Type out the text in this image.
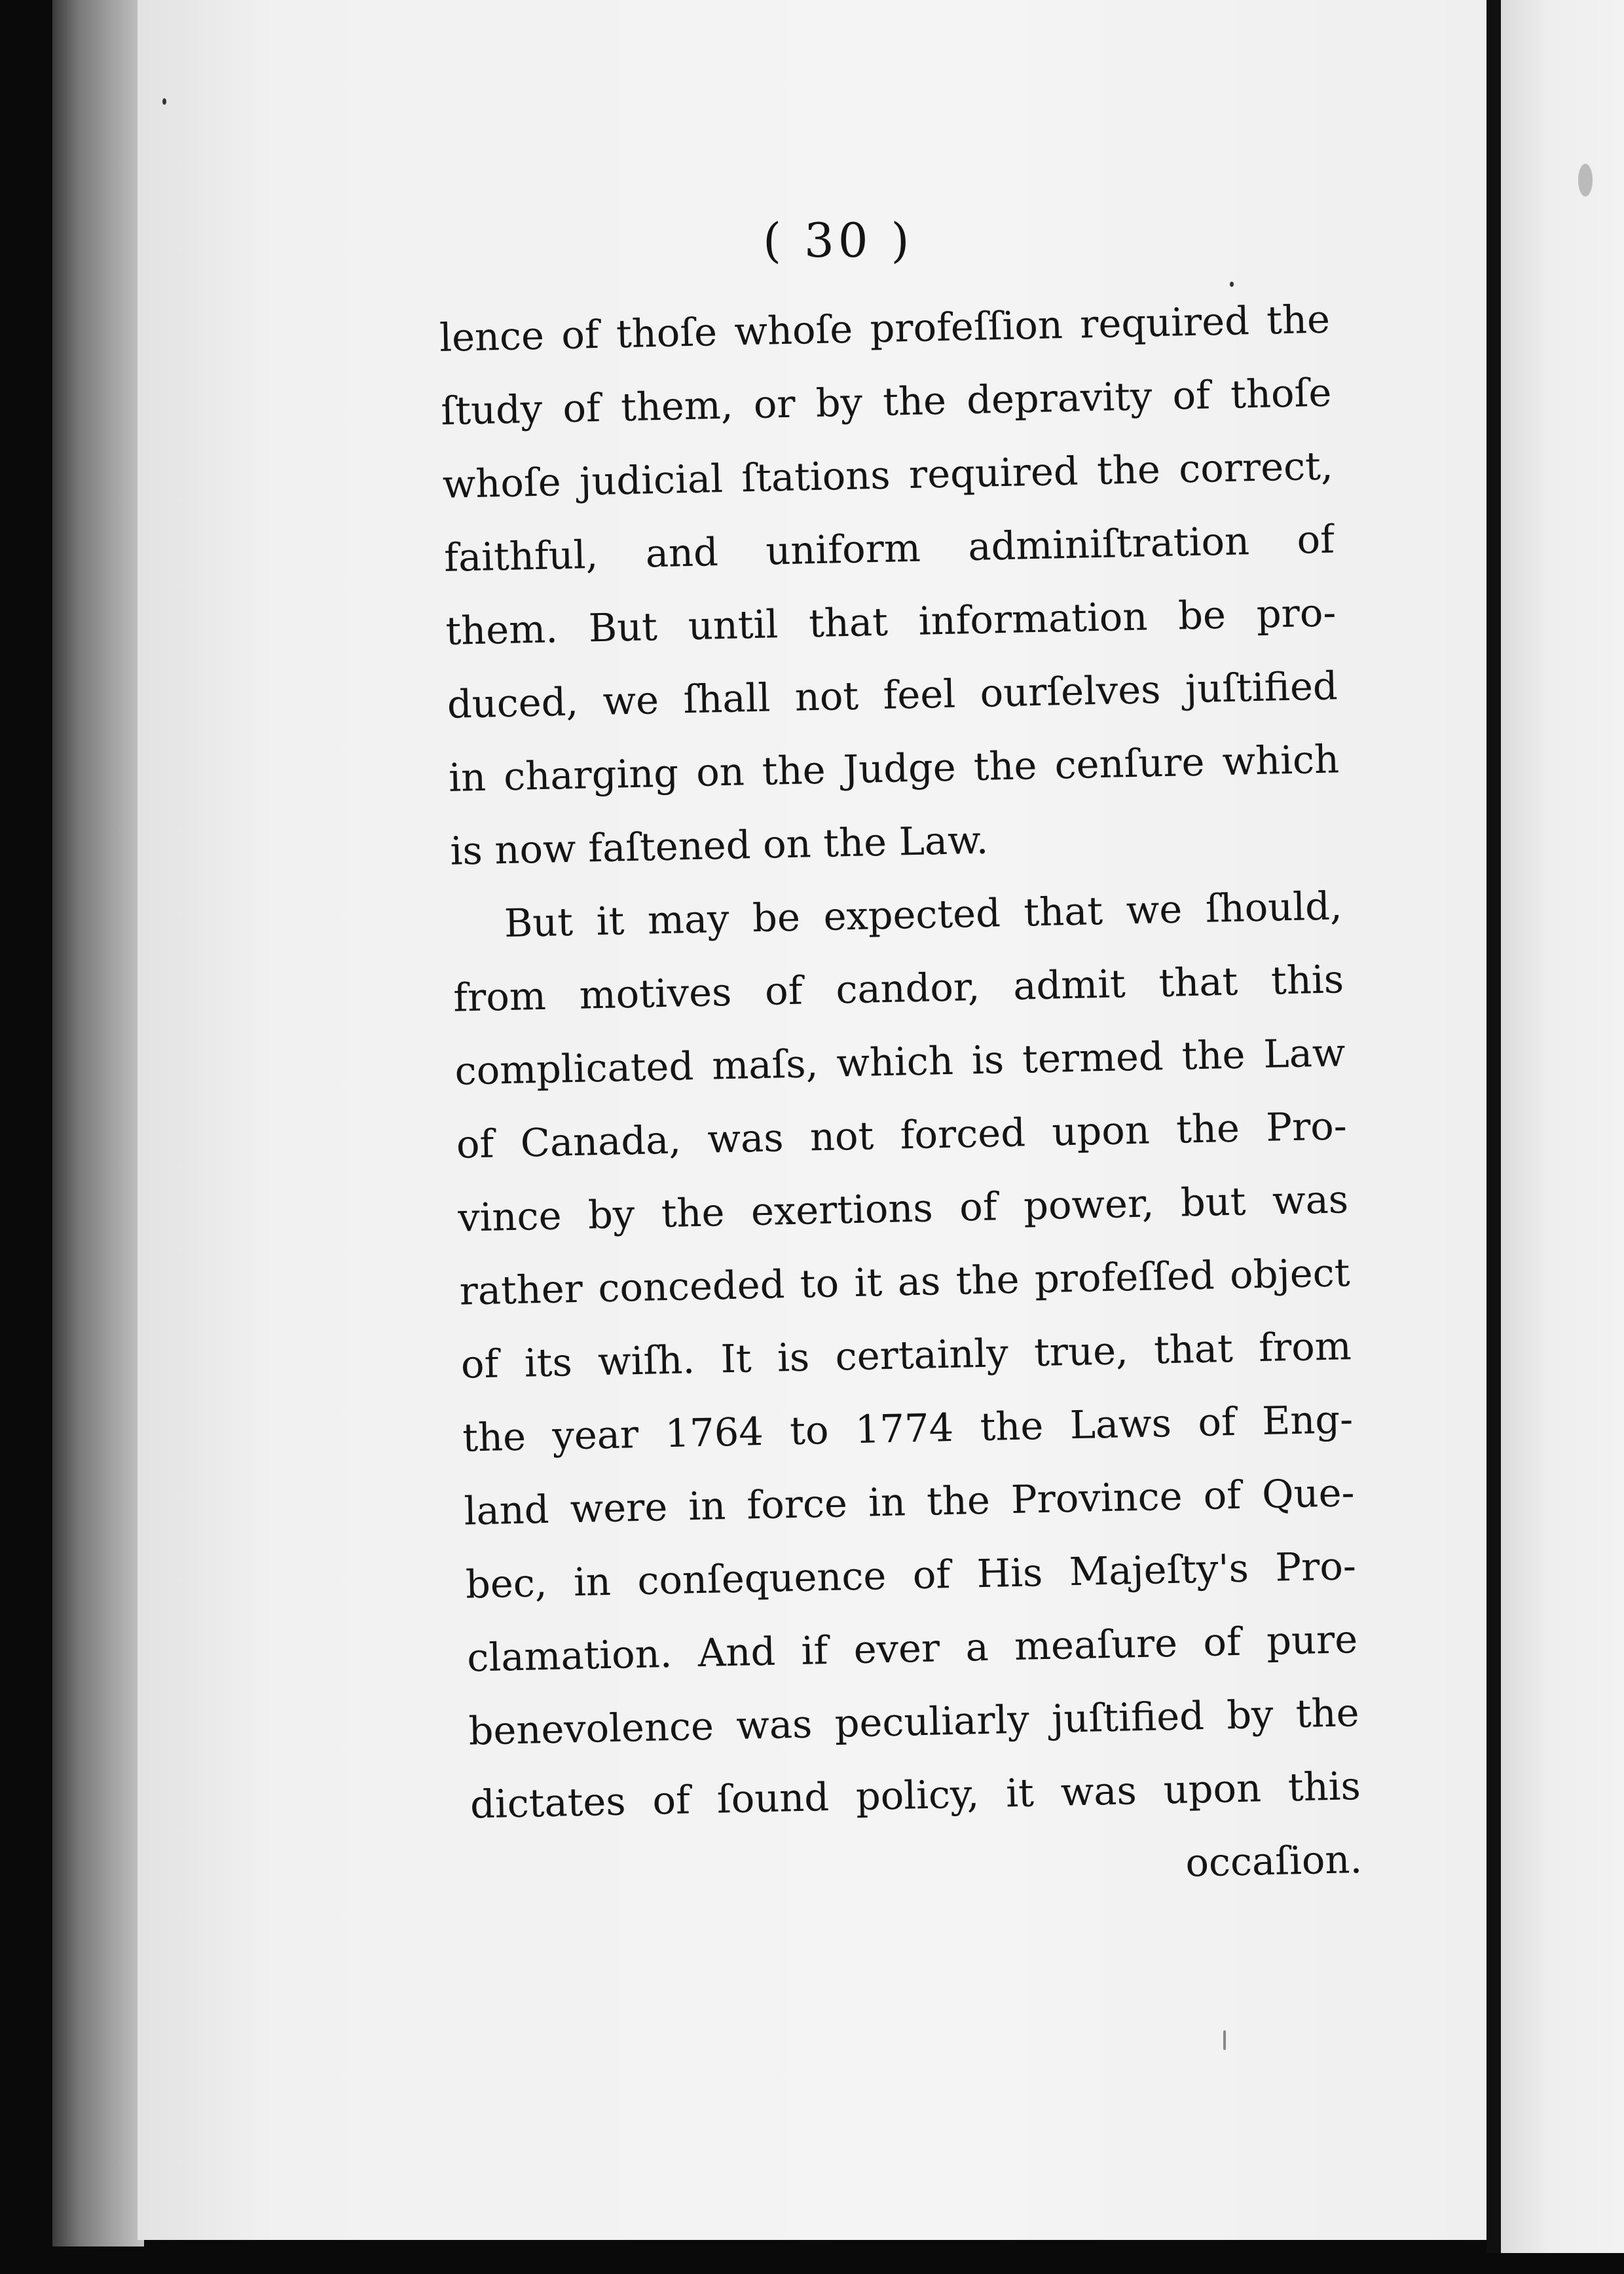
( 30 )
lence of thoſe whoſe profeſſion required the
ſtudy of them, or by the depravity of thoſe
whoſe judicial ſtations required the correct,
faithful, and uniform adminiſtration of
them. But until that information be pro-
duced, we ſhall not feel ourſelves juſtified
in charging on the Judge the cenſure which
is now faſtened on the Law.
But it may be expected that we ſhould,
from motives of candor, admit that this
complicated maſs, which is termed the Law
of Canada, was not forced upon the Pro-
vince by the exertions of power, but was
rather conceded to it as the profeſſed object
of its wiſh. It is certainly true, that from
the year 1764 to 1774 the Laws of Eng-
land were in force in the Province of Que-
bec, in conſequence of His Majeſty's Pro-
clamation. And if ever a meaſure of pure
benevolence was peculiarly juſtified by the
dictates of ſound policy, it was upon this
occaſion.
